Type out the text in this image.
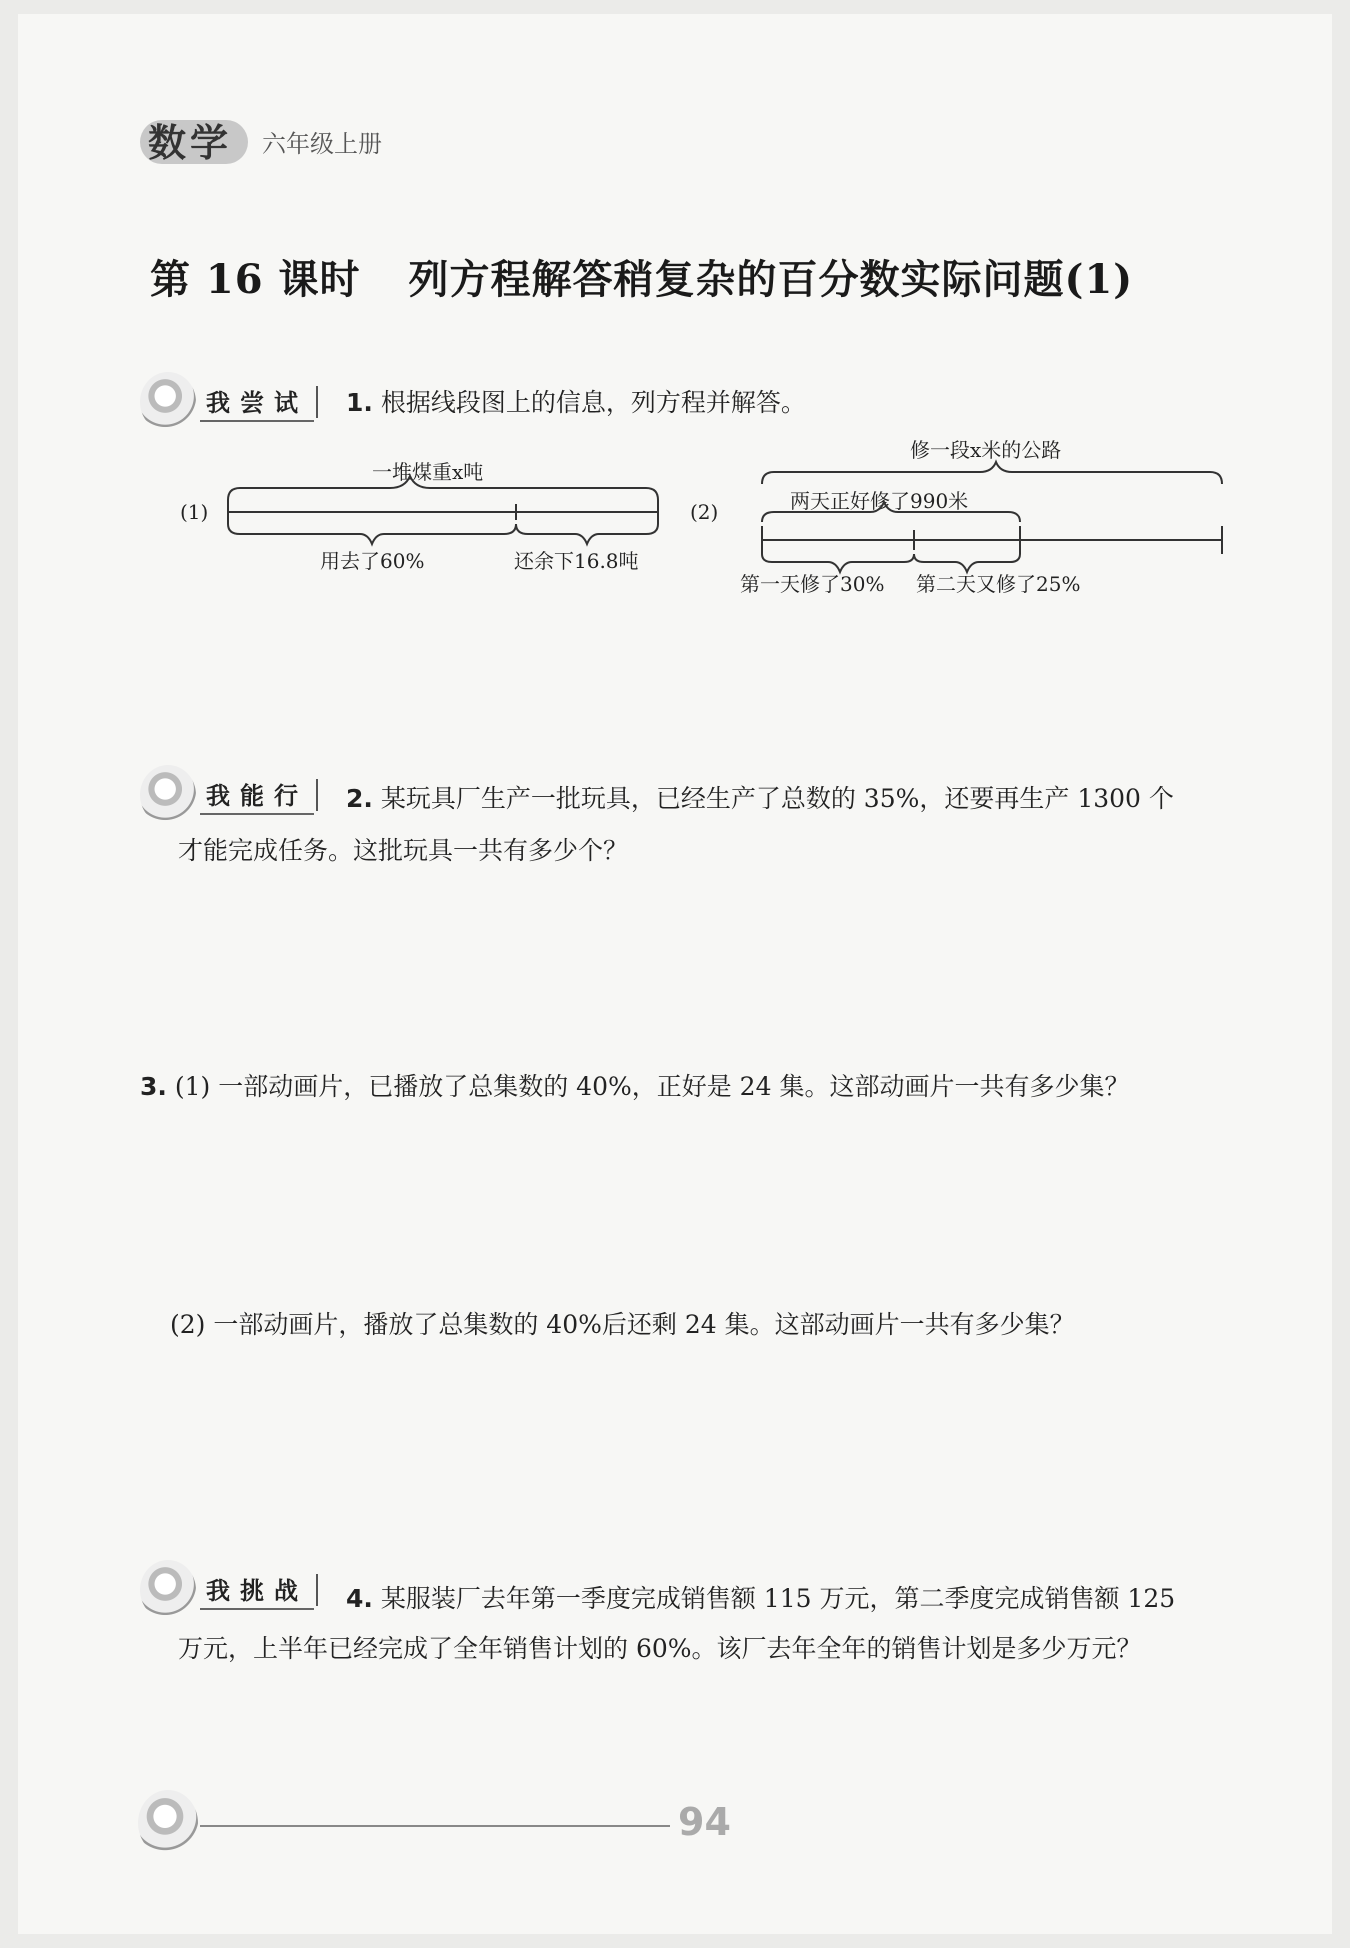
数学 六年级上册
第 16 课时 列方程解答稍复杂的百分数实际问题(1)
我尝试 1. 根据线段图上的信息，列方程并解答。
(1)
一堆煤重x吨
用去了60%	还余下16.8吨
(2)
修一段x米的公路
两天正好修了990米
第一天修了30% 第二天又修了25%
我能行 2. 某玩具厂生产一批玩具，已经生产了总数的 35%，还要再生产 1300 个
才能完成任务。这批玩具一共有多少个？
3. (1) 一部动画片，已播放了总集数的 40%，正好是 24 集。这部动画片一共有多少集？
(2) 一部动画片，播放了总集数的 40%后还剩 24 集。这部动画片一共有多少集？
我挑战 4. 某服装厂去年第一季度完成销售额 115 万元，第二季度完成销售额 125
万元，上半年已经完成了全年销售计划的 60%。该厂去年全年的销售计划是多少万元？
94
